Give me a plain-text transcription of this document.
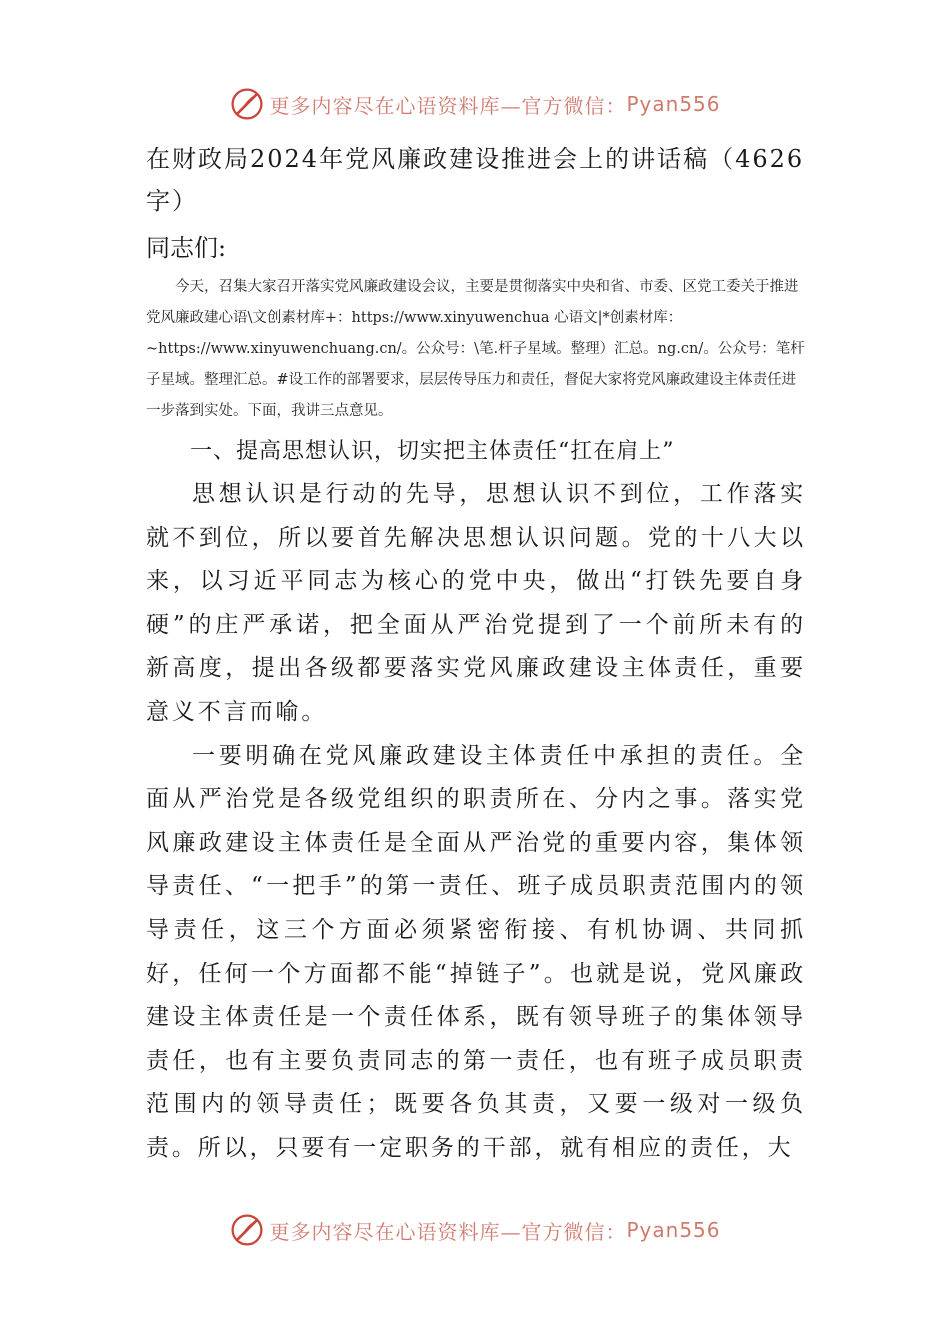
更多内容尽在心语资料库—官方微信： Pyan556
在财政局2024年党风廉政建设推进会上的讲话稿（4626字）

同志们:

今天，召集大家召开落实党风廉政建设会议，主要是贯彻落实中央和省、市委、区党工委关于推进党风廉政建心语\文创素材库+：https://www.xinyuwenchua 心语文|*创素材库：~https://www.xinyuwenchuang.cn/。公众号：\笔.杆子星域。整理）汇总。ng.cn/。公众号：笔杆子星域。整理汇总。#设工作的部署要求，层层传导压力和责任，督促大家将党风廉政建设主体责任进一步落到实处。下面，我讲三点意见。

一、提高思想认识，切实把主体责任“扛在肩上”

思想认识是行动的先导，思想认识不到位，工作落实就不到位，所以要首先解决思想认识问题。党的十八大以来，以习近平同志为核心的党中央，做出“打铁先要自身硬”的庄严承诺，把全面从严治党提到了一个前所未有的新高度，提出各级都要落实党风廉政建设主体责任，重要意义不言而喻。

一要明确在党风廉政建设主体责任中承担的责任。全面从严治党是各级党组织的职责所在、分内之事。落实党风廉政建设主体责任是全面从严治党的重要内容，集体领导责任、“一把手”的第一责任、班子成员职责范围内的领导责任，这三个方面必须紧密衔接、有机协调、共同抓好，任何一个方面都不能“掉链子”。也就是说，党风廉政建设主体责任是一个责任体系，既有领导班子的集体领导责任，也有主要负责同志的第一责任，也有班子成员职责范围内的领导责任；既要各负其责，又要一级对一级负责。所以，只要有一定职务的干部，就有相应的责任，大

更多内容尽在心语资料库—官方微信： Pyan556
